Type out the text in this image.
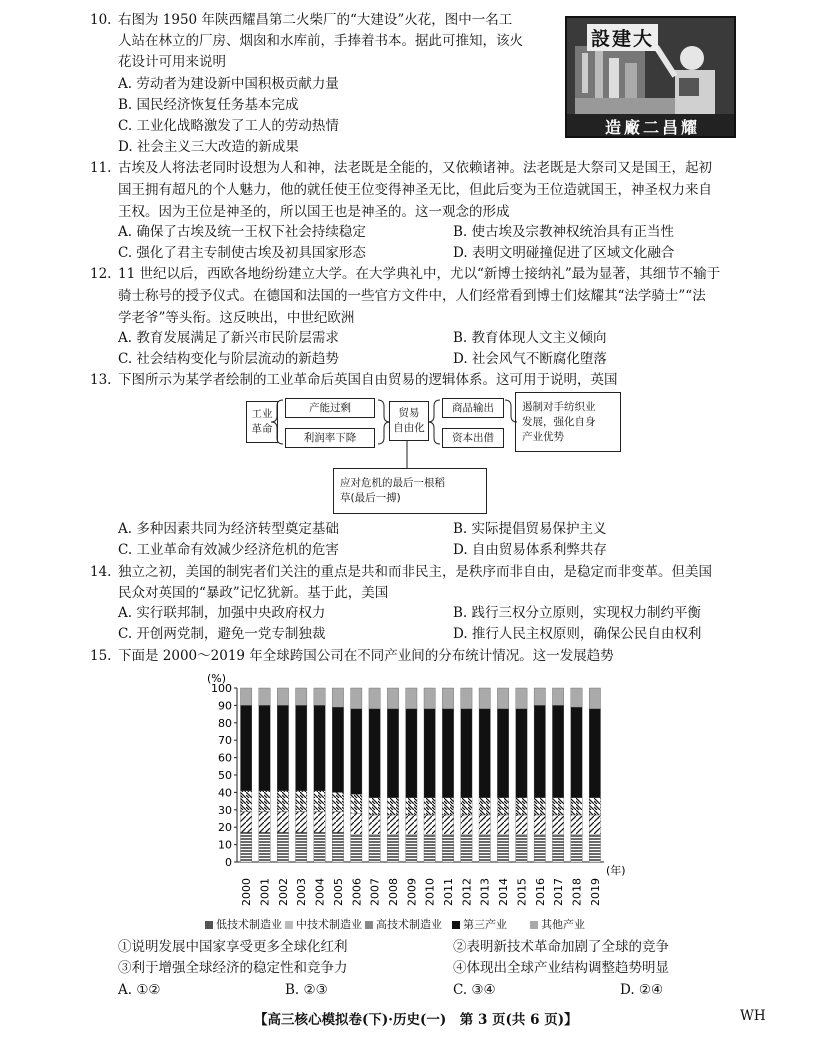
10. 右图为 1950 年陕西耀昌第二火柴厂的“大建设”火花，图中一名工
人站在林立的厂房、烟囱和水库前，手捧着书本。据此可推知，该火
花设计可用来说明
A. 劳动者为建设新中国积极贡献力量
B. 国民经济恢复任务基本完成
C. 工业化战略激发了工人的劳动热情
D. 社会主义三大改造的新成果
設建大
造廠二昌耀
11. 古埃及人将法老同时设想为人和神，法老既是全能的，又依赖诸神。法老既是大祭司又是国王，起初
国王拥有超凡的个人魅力，他的就任使王位变得神圣无比，但此后变为王位造就国王，神圣权力来自
王权。因为王位是神圣的，所以国王也是神圣的。这一观念的形成
A. 确保了古埃及统一王权下社会持续稳定	B. 使古埃及宗教神权统治具有正当性
C. 强化了君主专制使古埃及初具国家形态	D. 表明文明碰撞促进了区域文化融合
12. 11 世纪以后，西欧各地纷纷建立大学。在大学典礼中，尤以“新博士接纳礼”最为显著，其细节不输于
骑士称号的授予仪式。在德国和法国的一些官方文件中，人们经常看到博士们炫耀其“法学骑士”“法
学老爷”等头衔。这反映出，中世纪欧洲
A. 教育发展满足了新兴市民阶层需求	B. 教育体现人文主义倾向
C. 社会结构变化与阶层流动的新趋势	D. 社会风气不断腐化堕落
13. 下图所示为某学者绘制的工业革命后英国自由贸易的逻辑体系。这可用于说明，英国
工业
革命
产能过剩
利润率下降
贸易
自由化
商品输出
资本出借
遏制对手纺织业
发展，强化自身
产业优势
应对危机的最后一根稻
草(最后一搏)
A. 多种因素共同为经济转型奠定基础	B. 实际提倡贸易保护主义
C. 工业革命有效减少经济危机的危害	D. 自由贸易体系利弊共存
14. 独立之初，美国的制宪者们关注的重点是共和而非民主，是秩序而非自由，是稳定而非变革。但美国
民众对英国的“暴政”记忆犹新。基于此，美国
A. 实行联邦制，加强中央政府权力	B. 践行三权分立原则，实现权力制约平衡
C. 开创两党制，避免一党专制独裁	D. 推行人民主权原则，确保公民自由权利
15. 下面是 2000～2019 年全球跨国公司在不同产业间的分布统计情况。这一发展趋势
0
10
20
30
40
50
60
70
80
90
100
(%)
2000 2001 2002 2003 2004 2005 2006 2007 2008 2009 2010 2011 2012 2013 2014 2015 2016 2017 2018 2019
(年)
低技术制造业	中技术制造业	高技术制造业	第三产业	其他产业
①说明发展中国家享受更多全球化红利	②表明新技术革命加剧了全球的竞争
③利于增强全球经济的稳定性和竞争力	④体现出全球产业结构调整趋势明显
A. ①②	B. ②③	C. ③④	D. ②④
【高三核心模拟卷(下)·历史(一)　第 3 页(共 6 页)】	WH
